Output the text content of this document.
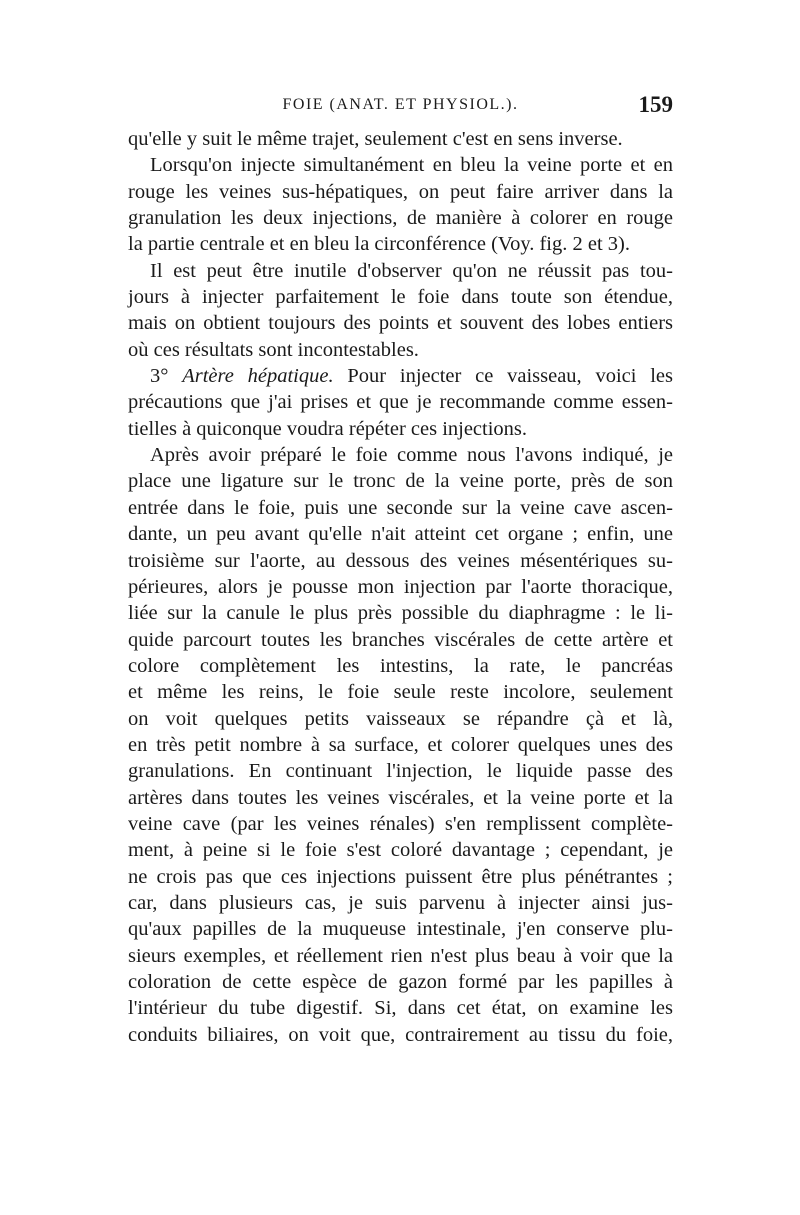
FOIE (ANAT. ET PHYSIOL.).	159
qu'elle y suit le même trajet, seulement c'est en sens inverse.
Lorsqu'on injecte simultanément en bleu la veine porte et en
rouge les veines sus-hépatiques, on peut faire arriver dans la
granulation les deux injections, de manière à colorer en rouge
la partie centrale et en bleu la circonférence (Voy. fig. 2 et 3).
Il est peut être inutile d'observer qu'on ne réussit pas tou-
jours à injecter parfaitement le foie dans toute son étendue,
mais on obtient toujours des points et souvent des lobes entiers
où ces résultats sont incontestables.
3° Artère hépatique. Pour injecter ce vaisseau, voici les
précautions que j'ai prises et que je recommande comme essen-
tielles à quiconque voudra répéter ces injections.
Après avoir préparé le foie comme nous l'avons indiqué, je
place une ligature sur le tronc de la veine porte, près de son
entrée dans le foie, puis une seconde sur la veine cave ascen-
dante, un peu avant qu'elle n'ait atteint cet organe ; enfin, une
troisième sur l'aorte, au dessous des veines mésentériques su-
périeures, alors je pousse mon injection par l'aorte thoracique,
liée sur la canule le plus près possible du diaphragme : le li-
quide parcourt toutes les branches viscérales de cette artère et
colore complètement les intestins, la rate, le pancréas
et même les reins, le foie seule reste incolore, seulement
on voit quelques petits vaisseaux se répandre çà et là,
en très petit nombre à sa surface, et colorer quelques unes des
granulations. En continuant l'injection, le liquide passe des
artères dans toutes les veines viscérales, et la veine porte et la
veine cave (par les veines rénales) s'en remplissent complète-
ment, à peine si le foie s'est coloré davantage ; cependant, je
ne crois pas que ces injections puissent être plus pénétrantes ;
car, dans plusieurs cas, je suis parvenu à injecter ainsi jus-
qu'aux papilles de la muqueuse intestinale, j'en conserve plu-
sieurs exemples, et réellement rien n'est plus beau à voir que la
coloration de cette espèce de gazon formé par les papilles à
l'intérieur du tube digestif. Si, dans cet état, on examine les
conduits biliaires, on voit que, contrairement au tissu du foie,
